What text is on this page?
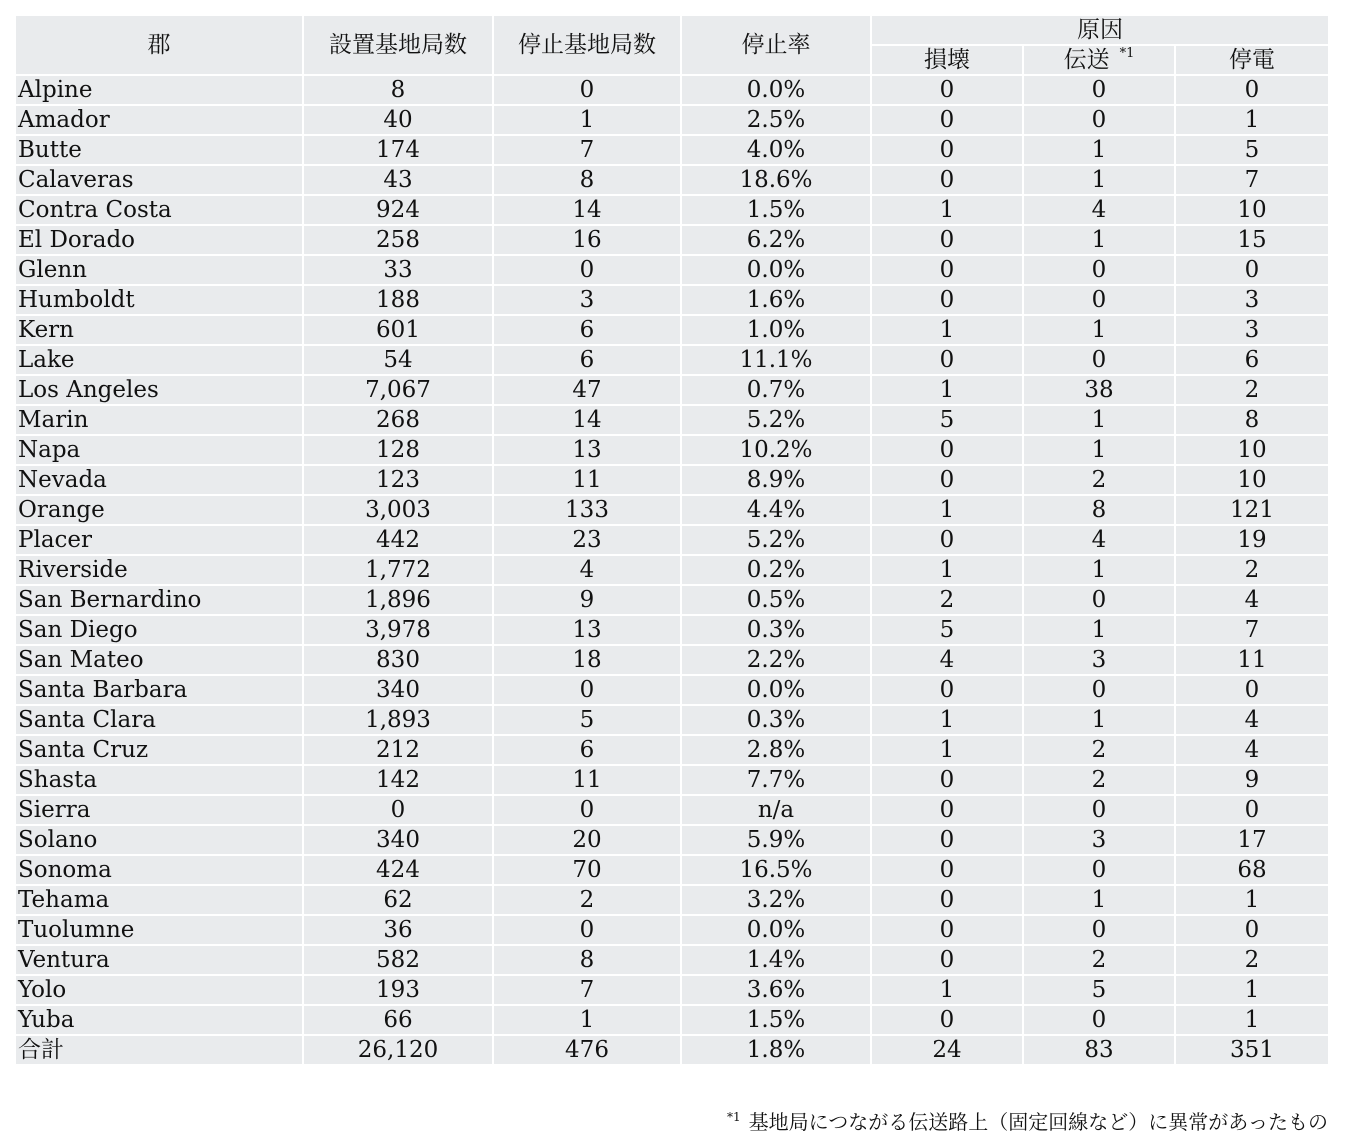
郡	設置基地局数	停止基地局数	停止率	原因		
				損壊	伝送 $^{*1}$	停電
Alpine	8	0	0.0%	0	0	0
Amador	40	1	2.5%	0	0	1
Butte	174	7	4.0%	0	1	5
Calaveras	43	8	18.6%	0	1	7
Contra Costa	924	14	1.5%	1	4	10
El Dorado	258	16	6.2%	0	1	15
Glenn	33	0	0.0%	0	0	0
Humboldt	188	3	1.6%	0	0	3
Kern	601	6	1.0%	1	1	3
Lake	54	6	11.1%	0	0	6
Los Angeles	7,067	47	0.7%	1	38	2
Marin	268	14	5.2%	5	1	8
Napa	128	13	10.2%	0	1	10
Nevada	123	11	8.9%	0	2	10
Orange	3,003	133	4.4%	1	8	121
Placer	442	23	5.2%	0	4	19
Riverside	1,772	4	0.2%	1	1	2
San Bernardino	1,896	9	0.5%	2	0	4
San Diego	3,978	13	0.3%	5	1	7
San Mateo	830	18	2.2%	4	3	11
Santa Barbara	340	0	0.0%	0	0	0
Santa Clara	1,893	5	0.3%	1	1	4
Santa Cruz	212	6	2.8%	1	2	4
Shasta	142	11	7.7%	0	2	9
Sierra	0	0	n/a	0	0	0
Solano	340	20	5.9%	0	3	17
Sonoma	424	70	16.5%	0	0	68
Tehama	62	2	3.2%	0	1	1
Tuolumne	36	0	0.0%	0	0	0
Ventura	582	8	1.4%	0	2	2
Yolo	193	7	3.6%	1	5	1
Yuba	66	1	1.5%	0	0	1
合計	26,120	476	1.8%	24	83	351
$^{*1}$ 基地局につながる伝送路上（固定回線など）に異常があったもの
